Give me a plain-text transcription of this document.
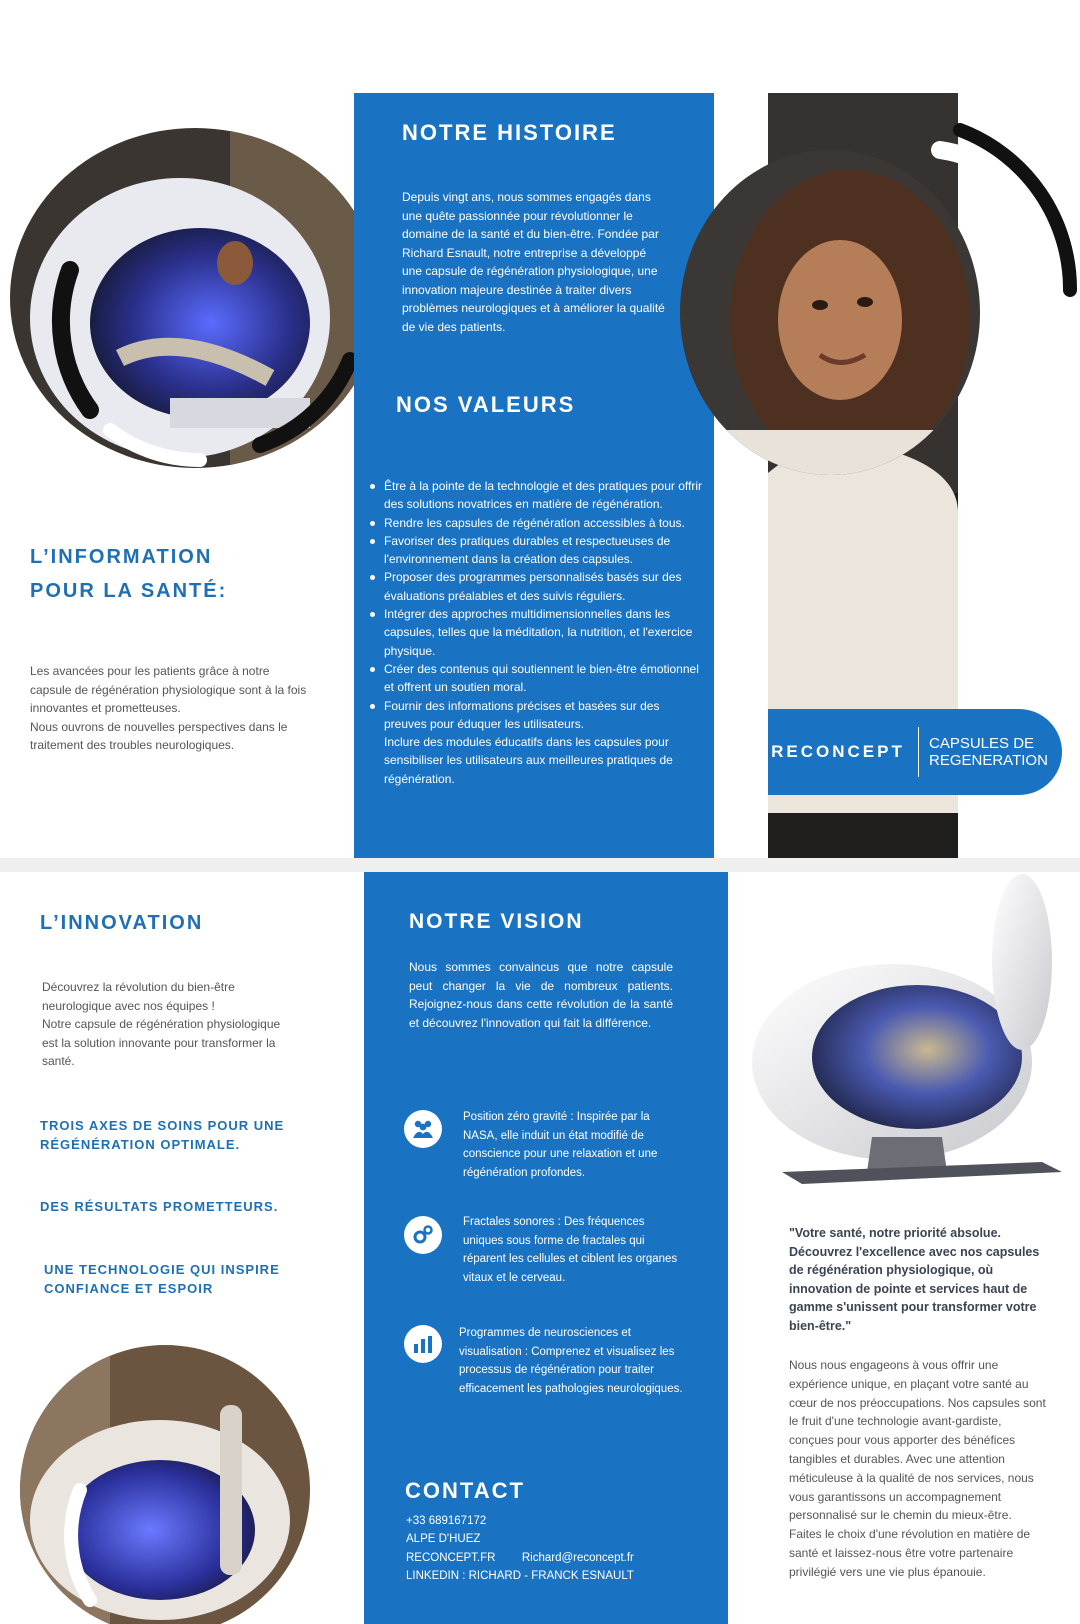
NOTRE HISTOIRE
Depuis vingt ans, nous sommes engagés dans une quête passionnée pour révolutionner le domaine de la santé et du bien-être. Fondée par Richard Esnault, notre entreprise a développé une capsule de régénération physiologique, une innovation majeure destinée à traiter divers problèmes neurologiques et à améliorer la qualité de vie des patients.
NOS VALEURS
Être à la pointe de la technologie et des pratiques pour offrir des solutions novatrices en matière de régénération.
Rendre les capsules de régénération accessibles à tous.
Favoriser des pratiques durables et respectueuses de l'environnement dans la création des capsules.
Proposer des programmes personnalisés basés sur des évaluations préalables et des suivis réguliers.
Intégrer des approches multidimensionnelles dans les capsules, telles que la méditation, la nutrition, et l'exercice physique.
Créer des contenus qui soutiennent le bien-être émotionnel et offrent un soutien moral.
Fournir des informations précises et basées sur des preuves pour éduquer les utilisateurs.
Inclure des modules éducatifs dans les capsules pour sensibiliser les utilisateurs aux meilleures pratiques de régénération.
L’INFORMATION
POUR LA SANTÉ:
Les avancées pour les patients grâce à notre capsule de régénération physiologique sont à la fois innovantes et prometteuses.
Nous ouvrons de nouvelles perspectives dans le traitement des troubles neurologiques.	RECONCEPT CAPSULES DE
REGENERATION
L’INNOVATION
Découvrez la révolution du bien-être neurologique avec nos équipes !
Notre capsule de régénération physiologique est la solution innovante pour transformer la santé.
TROIS AXES DE SOINS POUR UNE
RÉGÉNÉRATION OPTIMALE.
DES RÉSULTATS PROMETTEURS.
UNE TECHNOLOGIE QUI INSPIRE
CONFIANCE ET ESPOIR
NOTRE VISION
Nous sommes convaincus que notre capsule peut changer la vie de nombreux patients. Rejoignez-nous dans cette révolution de la santé et découvrez l'innovation qui fait la différence.
Position zéro gravité : Inspirée par la NASA, elle induit un état modifié de conscience pour une relaxation et une régénération profondes.
Fractales sonores : Des fréquences uniques sous forme de fractales qui réparent les cellules et ciblent les organes vitaux et le cerveau.
Programmes de neurosciences et visualisation : Comprenez et visualisez les processus de régénération pour traiter efficacement les pathologies neurologiques.
CONTACT
+33 689167172
ALPE D'HUEZ
RECONCEPT.FR Richard@reconcept.fr
LINKEDIN : RICHARD - FRANCK ESNAULT
"Votre santé, notre priorité absolue. Découvrez l'excellence avec nos capsules de régénération physiologique, où innovation de pointe et services haut de gamme s'unissent pour transformer votre bien-être."
Nous nous engageons à vous offrir une expérience unique, en plaçant votre santé au cœur de nos préoccupations. Nos capsules sont le fruit d'une technologie avant-gardiste, conçues pour vous apporter des bénéfices tangibles et durables. Avec une attention méticuleuse à la qualité de nos services, nous vous garantissons un accompagnement personnalisé sur le chemin du mieux-être. Faites le choix d'une révolution en matière de santé et laissez-nous être votre partenaire privilégié vers une vie plus épanouie.
